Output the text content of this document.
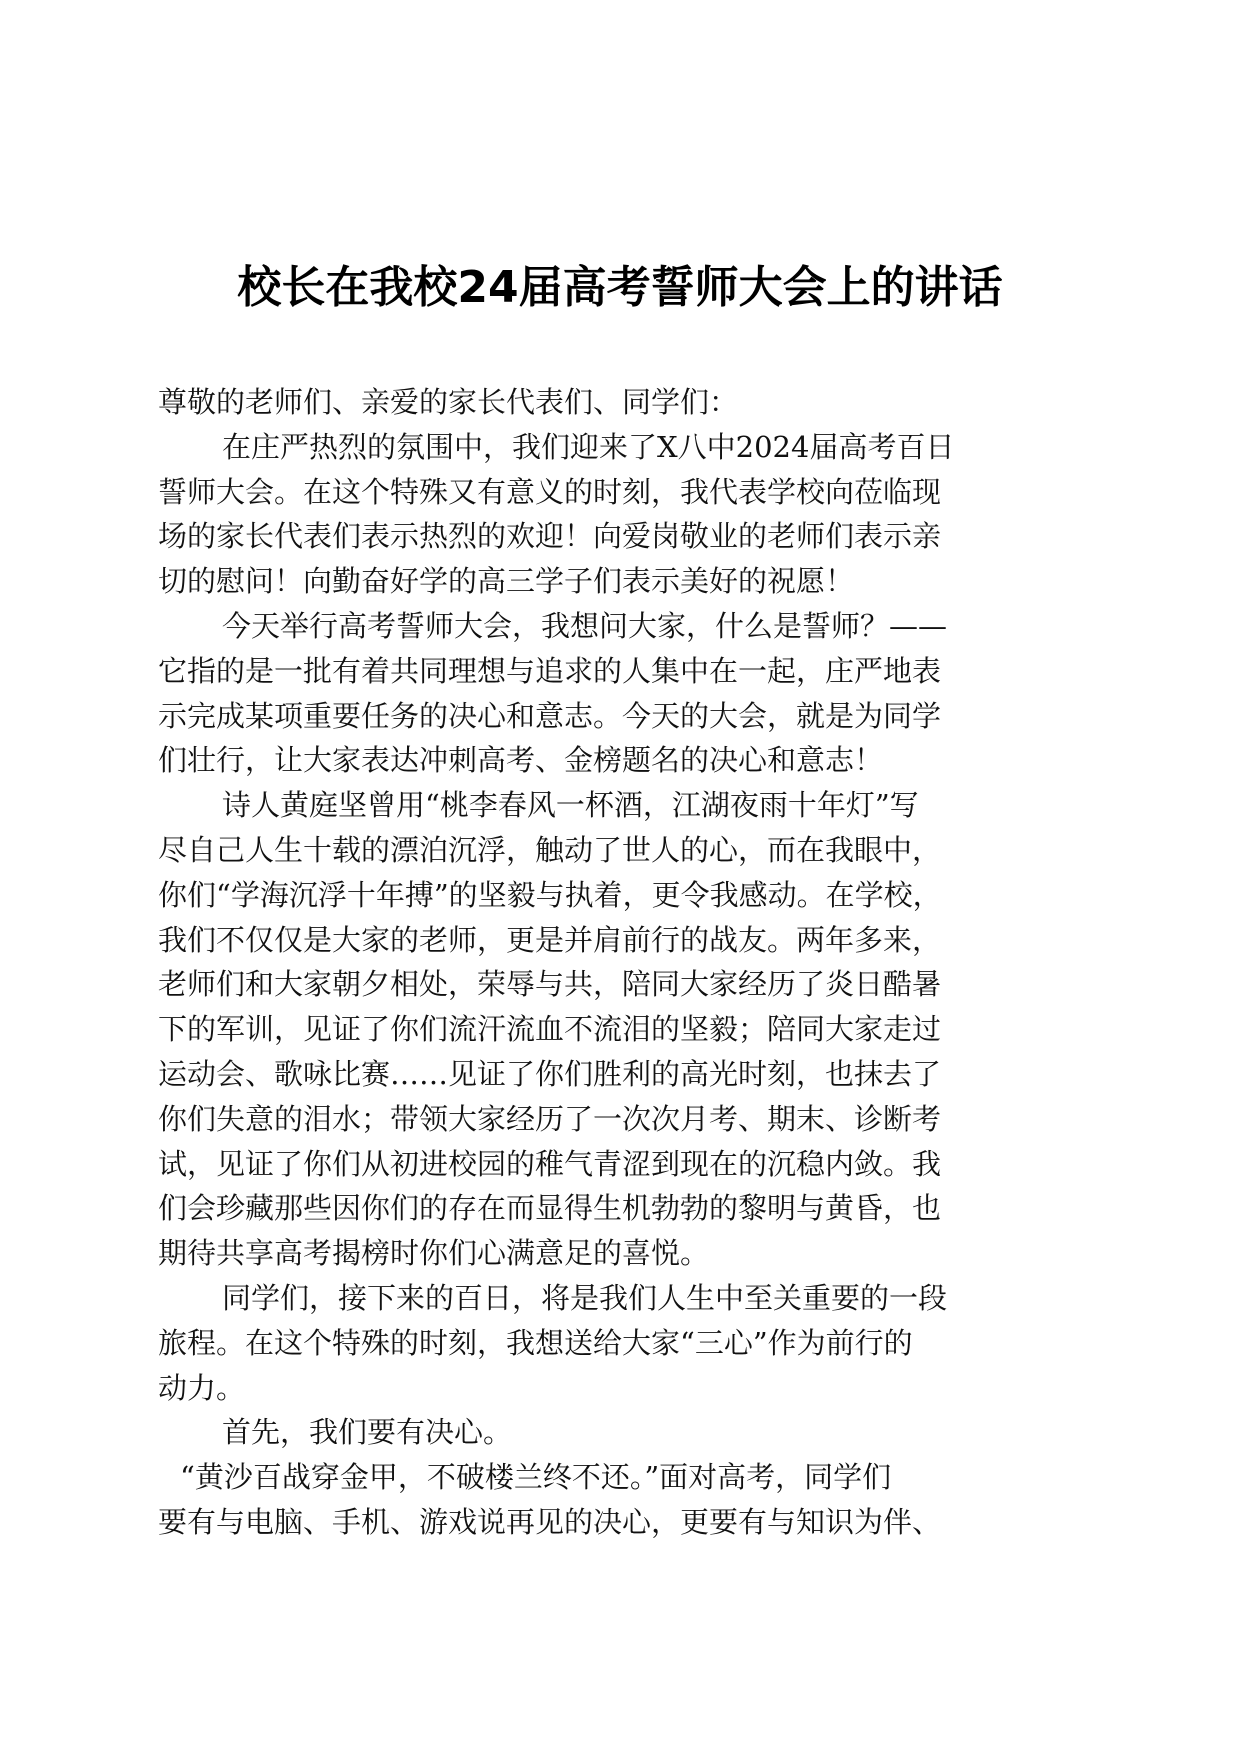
校长在我校24届高考誓师大会上的讲话
尊敬的老师们、亲爱的家长代表们、同学们：
在庄严热烈的氛围中，我们迎来了X八中2024届高考百日
誓师大会。在这个特殊又有意义的时刻，我代表学校向莅临现
场的家长代表们表示热烈的欢迎！向爱岗敬业的老师们表示亲
切的慰问！向勤奋好学的高三学子们表示美好的祝愿！
今天举行高考誓师大会，我想问大家，什么是誓师？——
它指的是一批有着共同理想与追求的人集中在一起，庄严地表
示完成某项重要任务的决心和意志。今天的大会，就是为同学
们壮行，让大家表达冲刺高考、金榜题名的决心和意志！
诗人黄庭坚曾用“桃李春风一杯酒，江湖夜雨十年灯”写
尽自己人生十载的漂泊沉浮，触动了世人的心，而在我眼中，
你们“学海沉浮十年搏”的坚毅与执着，更令我感动。在学校，
我们不仅仅是大家的老师，更是并肩前行的战友。两年多来，
老师们和大家朝夕相处，荣辱与共，陪同大家经历了炎日酷暑
下的军训，见证了你们流汗流血不流泪的坚毅；陪同大家走过
运动会、歌咏比赛……见证了你们胜利的高光时刻，也抹去了
你们失意的泪水；带领大家经历了一次次月考、期末、诊断考
试，见证了你们从初进校园的稚气青涩到现在的沉稳内敛。我
们会珍藏那些因你们的存在而显得生机勃勃的黎明与黄昏，也
期待共享高考揭榜时你们心满意足的喜悦。
同学们，接下来的百日，将是我们人生中至关重要的一段
旅程。在这个特殊的时刻，我想送给大家“三心”作为前行的
动力。
首先，我们要有决心。
“黄沙百战穿金甲，不破楼兰终不还。”面对高考，同学们
要有与电脑、手机、游戏说再见的决心，更要有与知识为伴、
